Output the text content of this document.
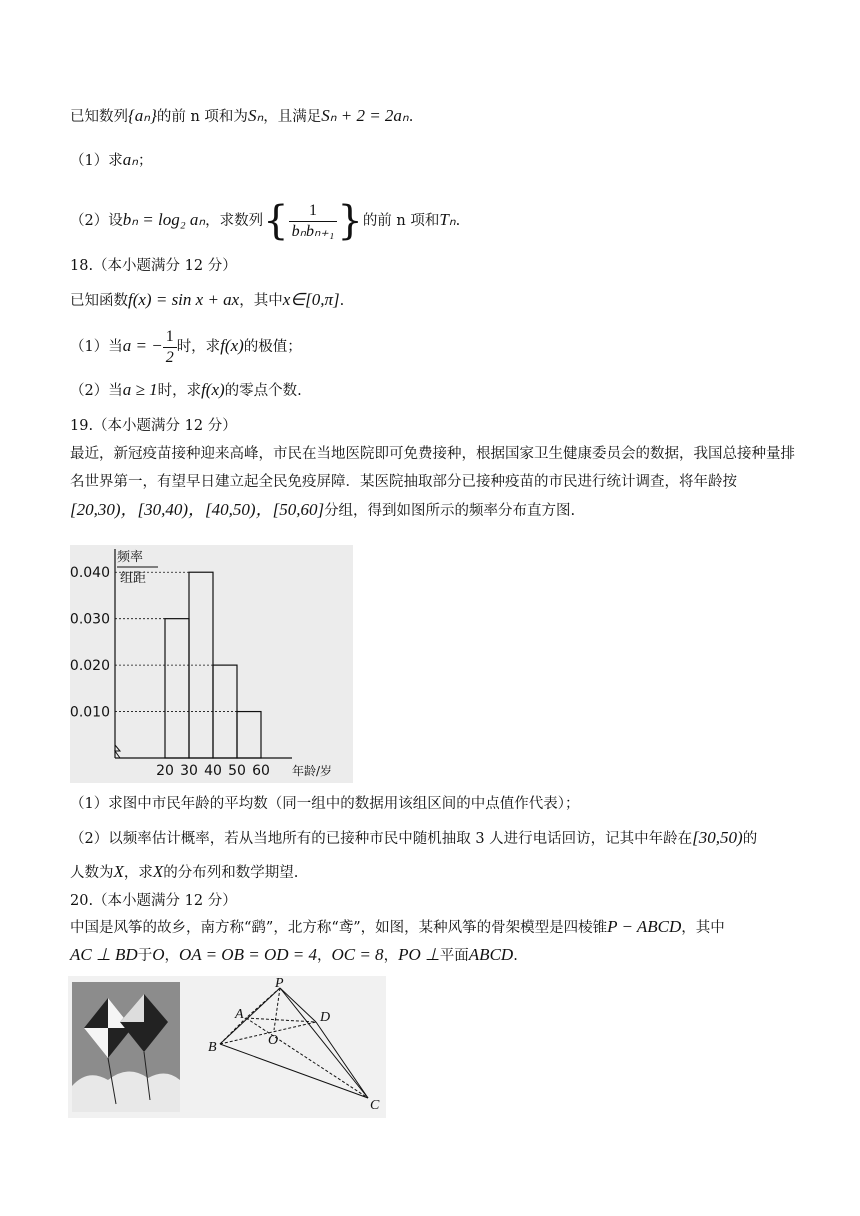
已知数列{aₙ}的前 n 项和为Sₙ，且满足Sₙ + 2 = 2aₙ.
（1）求aₙ；
（2）设bₙ = log₂ aₙ，求数列{ $\frac{1}{\text{bₙbₙ₊₁}}$ }的前 n 项和Tₙ.
18.（本小题满分 12 分）
已知函数f(x) = sin x + ax，其中x∈[0,π].
（1）当a = − $\frac{1}{2}$ 时，求f(x)的极值；
（2）当a ≥ 1时，求f(x)的零点个数.
19.（本小题满分 12 分）
最近，新冠疫苗接种迎来高峰，市民在当地医院即可免费接种，根据国家卫生健康委员会的数据，我国总接种量排名世界第一，有望早日建立起全民免疫屏障．某医院抽取部分已接种疫苗的市民进行统计调查，将年龄按
[20,30)，[30,40)，[40,50)，[50,60]分组，得到如图所示的频率分布直方图.
0.010
0.020
0.030
0.040
20 30 40 50 60
频率
组距
年龄/岁
（1）求图中市民年龄的平均数（同一组中的数据用该组区间的中点值作代表）；
（2）以频率估计概率，若从当地所有的已接种市民中随机抽取 3 人进行电话回访，记其中年龄在[30,50)的
人数为X，求X的分布列和数学期望.
20.（本小题满分 12 分）
中国是风筝的故乡，南方称“鹞”，北方称“鸢”，如图，某种风筝的骨架模型是四棱锥P − ABCD，其中
AC ⊥ BD于O，OA = OB = OD = 4，OC = 8，PO ⊥平面ABCD.
P
A	D
O
B
C
